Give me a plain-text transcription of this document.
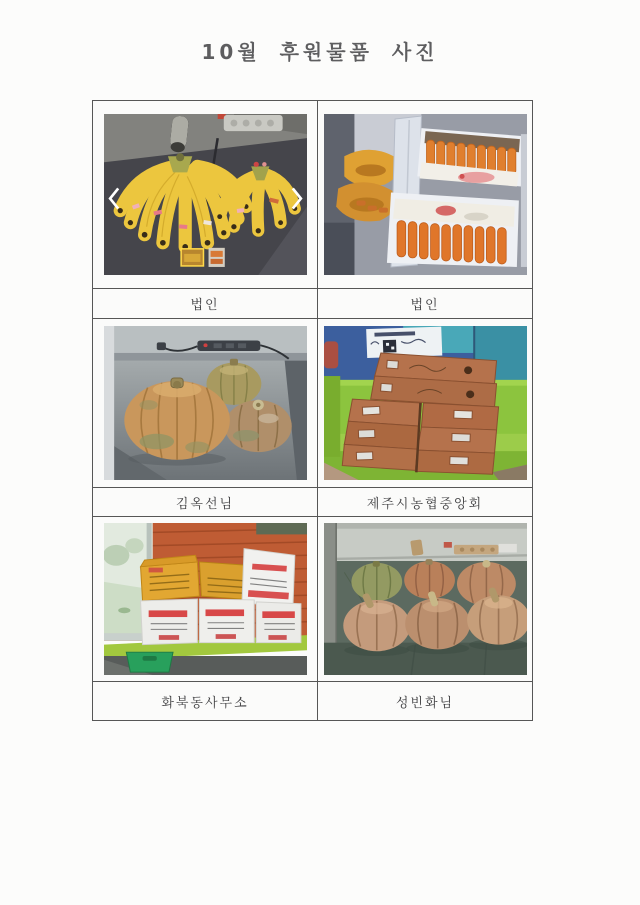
10월 후원물품 사진
법인	법인
김옥선님	제주시농협중앙회
화북동사무소	성빈화님
